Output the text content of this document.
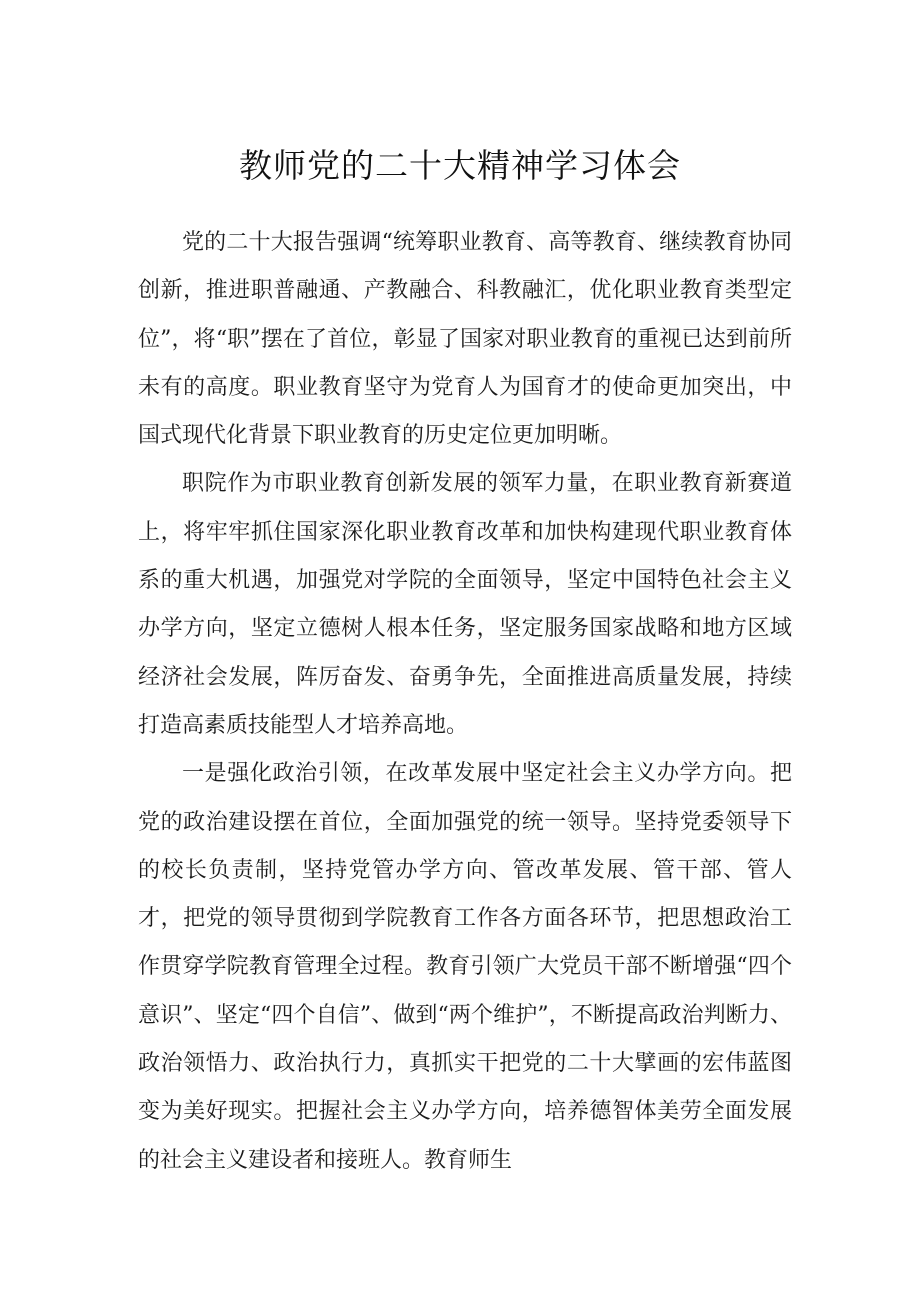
教师党的二十大精神学习体会

党的二十大报告强调“统筹职业教育、高等教育、继续教育协同创新，推进职普融通、产教融合、科教融汇，优化职业教育类型定位”，将“职”摆在了首位，彰显了国家对职业教育的重视已达到前所未有的高度。职业教育坚守为党育人为国育才的使命更加突出，中国式现代化背景下职业教育的历史定位更加明晰。

职院作为市职业教育创新发展的领军力量，在职业教育新赛道上，将牢牢抓住国家深化职业教育改革和加快构建现代职业教育体系的重大机遇，加强党对学院的全面领导，坚定中国特色社会主义办学方向，坚定立德树人根本任务，坚定服务国家战略和地方区域经济社会发展，阵厉奋发、奋勇争先，全面推进高质量发展，持续打造高素质技能型人才培养高地。

一是强化政治引领，在改革发展中坚定社会主义办学方向。把党的政治建设摆在首位，全面加强党的统一领导。坚持党委领导下的校长负责制，坚持党管办学方向、管改革发展、管干部、管人才，把党的领导贯彻到学院教育工作各方面各环节，把思想政治工作贯穿学院教育管理全过程。教育引领广大党员干部不断增强“四个意识”、坚定“四个自信”、做到“两个维护”，不断提高政治判断力、政治领悟力、政治执行力，真抓实干把党的二十大擘画的宏伟蓝图变为美好现实。把握社会主义办学方向，培养德智体美劳全面发展的社会主义建设者和接班人。教育师生
